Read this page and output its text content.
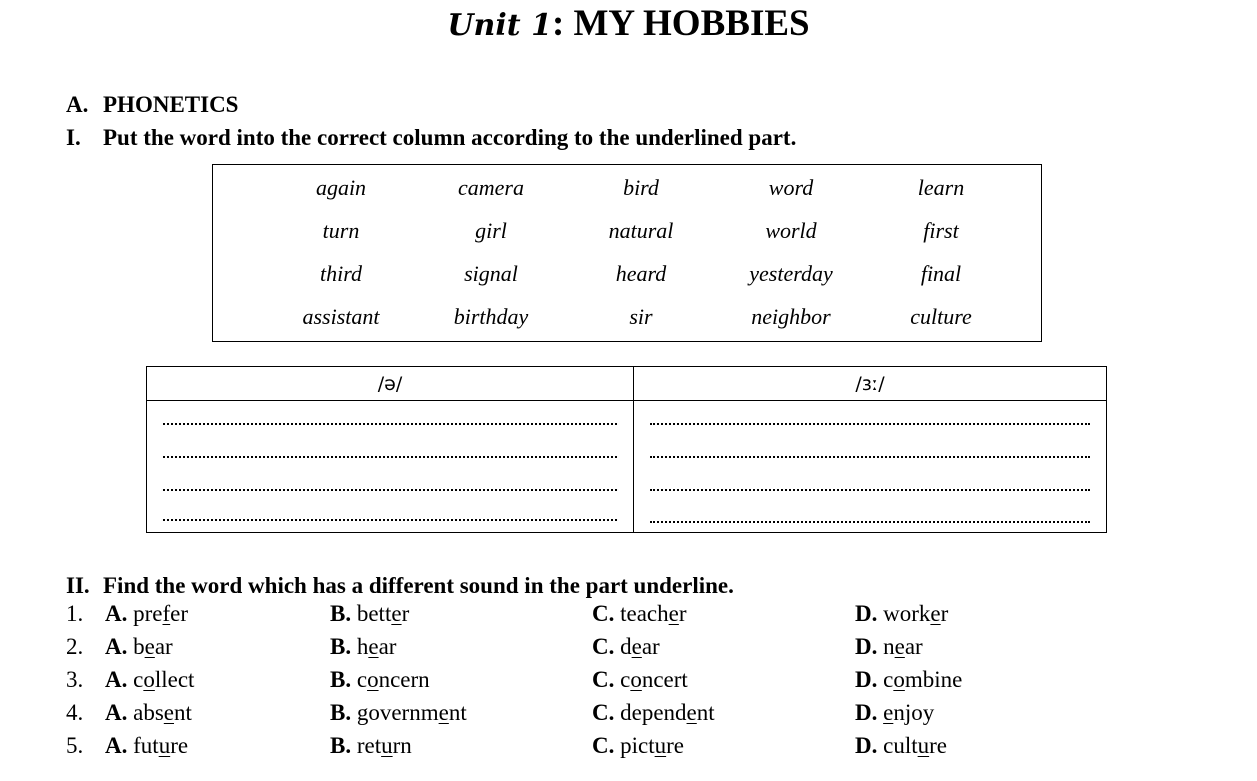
Unit 1: MY HOBBIES
A. PHONETICS
I. Put the word into the correct column according to the underlined part.
again	camera	bird	word	learn
turn	girl	natural	world	first
third	signal	heard	yesterday	final
assistant	birthday	sir	neighbor	culture
/ə/	/ɜː/

II. Find the word which has a different sound in the part underline.
1. A. prefer	B. better	C. teacher	D. worker
2. A. bear	B. hear	C. dear	D. near
3. A. collect	B. concern	C. concert	D. combine
4. A. absent	B. government	C. dependent	D. enjoy
5. A. future	B. return	C. picture	D. culture
